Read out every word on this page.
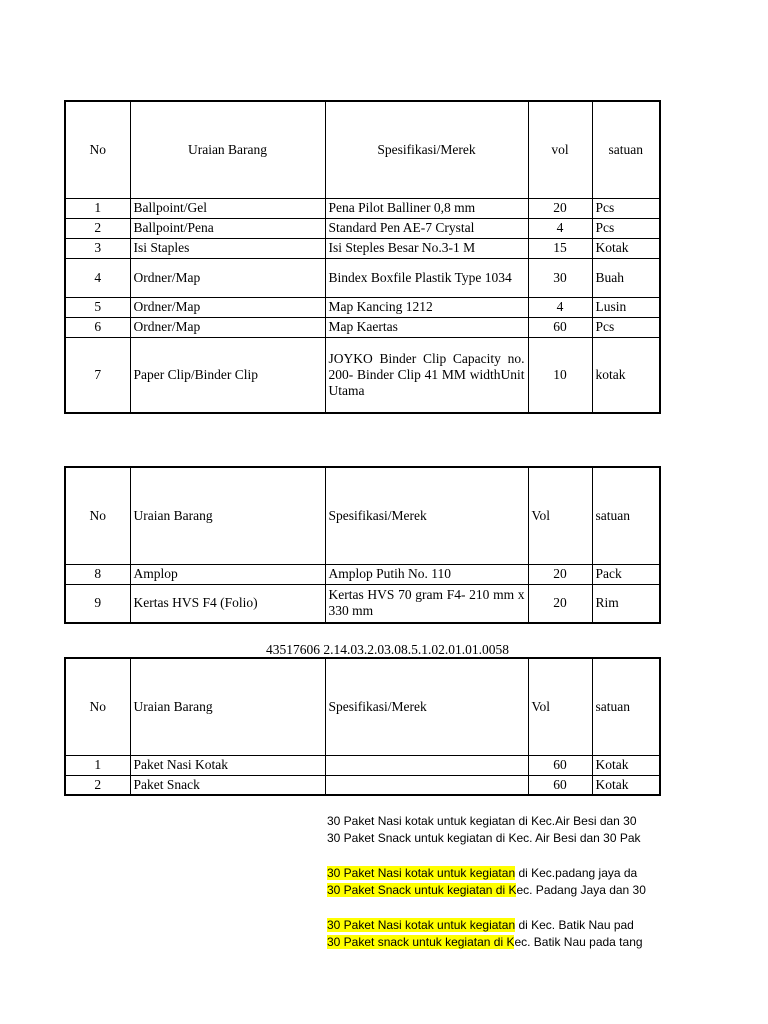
No	Uraian Barang	Spesifikasi/Merek	vol	satuan
1	Ballpoint/Gel	Pena Pilot Balliner 0,8 mm	20	Pcs
2	Ballpoint/Pena	Standard Pen AE-7 Crystal	4	Pcs
3	Isi Staples	Isi Steples Besar No.3-1 M	15	Kotak
4	Ordner/Map	Bindex Boxfile Plastik Type 1034	30	Buah
5	Ordner/Map	Map Kancing 1212	4	Lusin
6	Ordner/Map	Map Kaertas	60	Pcs
7	Paper Clip/Binder Clip	JOYKO Binder Clip Capacity no. 200- Binder Clip 41 MM widthUnit Utama	10	kotak
No	Uraian Barang	Spesifikasi/Merek	Vol	satuan
8	Amplop	Amplop Putih No. 110	20	Pack
9	Kertas HVS F4 (Folio)	Kertas HVS 70 gram F4- 210 mm x 330 mm	20	Rim
43517606 2.14.03.2.03.08.5.1.02.01.01.0058
No	Uraian Barang	Spesifikasi/Merek	Vol	satuan
1	Paket Nasi Kotak		60	Kotak
2	Paket Snack		60	Kotak
30 Paket Nasi kotak untuk kegiatan di Kec.Air Besi dan 30
30 Paket Snack untuk kegiatan di Kec. Air Besi dan 30 Pak
30 Paket Nasi kotak untuk kegiatan di Kec.padang jaya da
30 Paket Snack untuk kegiatan di Kec. Padang Jaya dan 30
30 Paket Nasi kotak untuk kegiatan di Kec. Batik Nau pad
30 Paket snack untuk kegiatan di Kec. Batik Nau pada tang
